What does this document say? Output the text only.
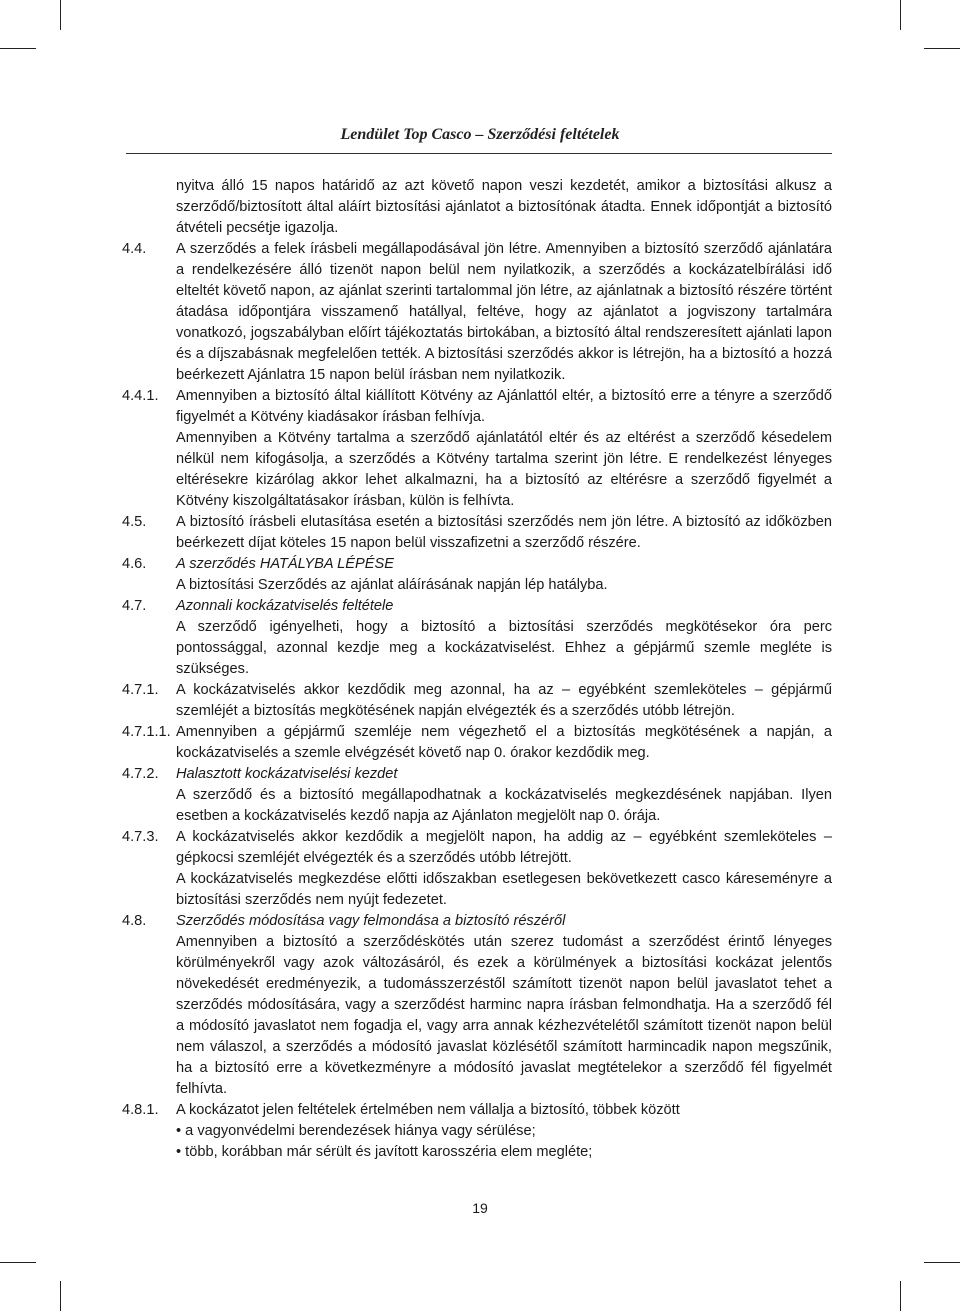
Lendület Top Casco – Szerződési feltételek
nyitva álló 15 napos határidő az azt követő napon veszi kezdetét, amikor a biztosítási alkusz a szerződő/biztosított által aláírt biztosítási ajánlatot a biztosítónak átadta. Ennek időpontját a biztosító átvételi pecsétje igazolja.
4.4.	A szerződés a felek írásbeli megállapodásával jön létre. Amennyiben a biztosító szerződő ajánlatára a rendelkezésére álló tizenöt napon belül nem nyilatkozik, a szerződés a kockázatelbírálási idő elteltét követő napon, az ajánlat szerinti tartalommal jön létre, az ajánlatnak a biztosító részére történt átadása időpontjára visszamenő hatállyal, feltéve, hogy az ajánlatot a jogviszony tartalmára vonatkozó, jogszabályban előírt tájékoztatás birtokában, a biztosító által rendszeresített ajánlati lapon és a díjszabásnak megfelelően tették. A biztosítási szerződés akkor is létrejön, ha a biztosító a hozzá beérkezett Ajánlatra 15 napon belül írásban nem nyilatkozik.
4.4.1.	Amennyiben a biztosító által kiállított Kötvény az Ajánlattól eltér, a biztosító erre a tényre a szerződő figyelmét a Kötvény kiadásakor írásban felhívja.
Amennyiben a Kötvény tartalma a szerződő ajánlatától eltér és az eltérést a szerződő késedelem nélkül nem kifogásolja, a szerződés a Kötvény tartalma szerint jön létre. E rendelkezést lényeges eltérésekre kizárólag akkor lehet alkalmazni, ha a biztosító az eltérésre a szerződő figyelmét a Kötvény kiszolgáltatásakor írásban, külön is felhívta.
4.5.	A biztosító írásbeli elutasítása esetén a biztosítási szerződés nem jön létre. A biztosító az időközben beérkezett díjat köteles 15 napon belül visszafizetni a szerződő részére.
4.6.	A szerződés HATÁLYBA LÉPÉSE
A biztosítási Szerződés az ajánlat aláírásának napján lép hatályba.
4.7.	Azonnali kockázatviselés feltétele
A szerződő igényelheti, hogy a biztosító a biztosítási szerződés megkötésekor óra perc pontossággal, azonnal kezdje meg a kockázatviselést. Ehhez a gépjármű szemle megléte is szükséges.
4.7.1.	A kockázatviselés akkor kezdődik meg azonnal, ha az – egyébként szemleköteles – gépjármű szemléjét a biztosítás megkötésének napján elvégezték és a szerződés utóbb létrejön.
4.7.1.1. Amennyiben a gépjármű szemléje nem végezhető el a biztosítás megkötésének a napján, a kockázatviselés a szemle elvégzését követő nap 0. órakor kezdődik meg.
4.7.2.	Halasztott kockázatviselési kezdet
A szerződő és a biztosító megállapodhatnak a kockázatviselés megkezdésének napjában. Ilyen esetben a kockázatviselés kezdő napja az Ajánlaton megjelölt nap 0. órája.
4.7.3.	A kockázatviselés akkor kezdődik a megjelölt napon, ha addig az – egyébként szemleköteles – gépkocsi szemléjét elvégezték és a szerződés utóbb létrejött.
A kockázatviselés megkezdése előtti időszakban esetlegesen bekövetkezett casco káreseményre a biztosítási szerződés nem nyújt fedezetet.
4.8.	Szerződés módosítása vagy felmondása a biztosító részéről
Amennyiben a biztosító a szerződéskötés után szerez tudomást a szerződést érintő lényeges körülményekről vagy azok változásáról, és ezek a körülmények a biztosítási kockázat jelentős növekedését eredményezik, a tudomásszerzéstől számított tizenöt napon belül javaslatot tehet a szerződés módosítására, vagy a szerződést harminc napra írásban felmondhatja. Ha a szerződő fél a módosító javaslatot nem fogadja el, vagy arra annak kézhezvételétől számított tizenöt napon belül nem válaszol, a szerződés a módosító javaslat közlésétől számított harmincadik napon megszűnik, ha a biztosító erre a következményre a módosító javaslat megtételekor a szerződő fél figyelmét felhívta.
4.8.1.	A kockázatot jelen feltételek értelmében nem vállalja a biztosító, többek között
• a vagyonvédelmi berendezések hiánya vagy sérülése;
• több, korábban már sérült és javított karosszéria elem megléte;
19
